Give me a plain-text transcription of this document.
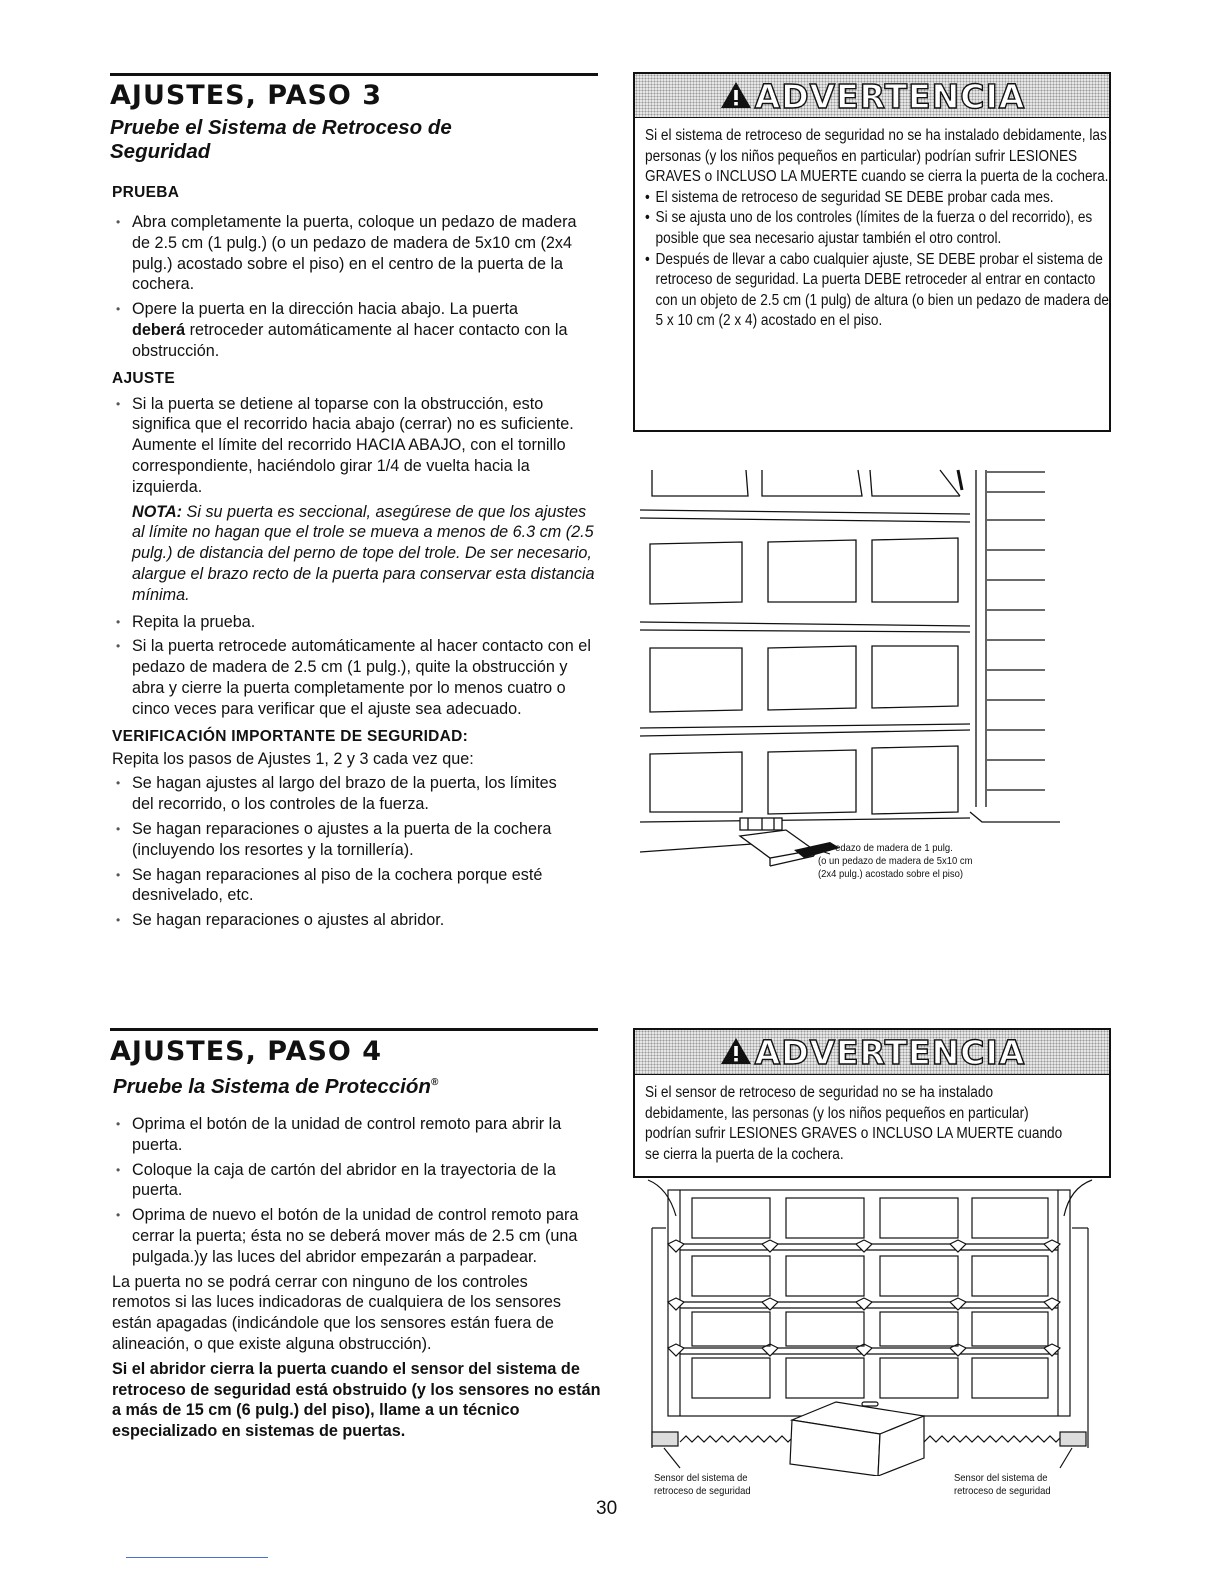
AJUSTES, PASO 3
Pruebe el Sistema de Retroceso de
Seguridad
PRUEBA
• Abra completamente la puerta, coloque un pedazo de madera de 2.5 cm (1 pulg.) (o un pedazo de madera de 5x10 cm (2x4 pulg.) acostado sobre el piso) en el centro de la puerta de la cochera.
• Opere la puerta en la dirección hacia abajo. La puerta deberá retroceder automáticamente al hacer contacto con la obstrucción.
AJUSTE
• Si la puerta se detiene al toparse con la obstrucción, esto significa que el recorrido hacia abajo (cerrar) no es suficiente. Aumente el límite del recorrido HACIA ABAJO, con el tornillo correspondiente, haciéndolo girar 1/4 de vuelta hacia la izquierda.
NOTA: Si su puerta es seccional, asegúrese de que los ajustes al límite no hagan que el trole se mueva a menos de 6.3 cm (2.5 pulg.) de distancia del perno de tope del trole. De ser necesario, alargue el brazo recto de la puerta para conservar esta distancia mínima.
• Repita la prueba.
• Si la puerta retrocede automáticamente al hacer contacto con el pedazo de madera de 2.5 cm (1 pulg.), quite la obstrucción y abra y cierre la puerta completamente por lo menos cuatro o cinco veces para verificar que el ajuste sea adecuado.
VERIFICACIÓN IMPORTANTE DE SEGURIDAD:

Repita los pasos de Ajustes 1, 2 y 3 cada vez que:

• Se hagan ajustes al largo del brazo de la puerta, los límites del recorrido, o los controles de la fuerza.
• Se hagan reparaciones o ajustes a la puerta de la cochera (incluyendo los resortes y la tornillería).
• Se hagan reparaciones al piso de la cochera porque esté desnivelado, etc.
• Se hagan reparaciones o ajustes al abridor.
ADVERTENCIA

Si el sistema de retroceso de seguridad no se ha instalado debidamente, las personas (y los niños pequeños en particular) podrían sufrir LESIONES GRAVES o INCLUSO LA MUERTE cuando se cierra la puerta de la cochera.

• El sistema de retroceso de seguridad SE DEBE probar cada mes.
• Si se ajusta uno de los controles (límites de la fuerza o del recorrido), es posible que sea necesario ajustar también el otro control.
• Después de llevar a cabo cualquier ajuste, SE DEBE probar el sistema de retroceso de seguridad. La puerta DEBE retroceder al entrar en contacto con un objeto de 2.5 cm (1 pulg) de altura (o bien un pedazo de madera de 5 x 10 cm (2 x 4) acostado en el piso.
Pedazo de madera de 1 pulg.
(o un pedazo de madera de 5x10 cm
(2x4 pulg.) acostado sobre el piso)
AJUSTES, PASO 4
Pruebe la Sistema de Protección®
• Oprima el botón de la unidad de control remoto para abrir la puerta.
• Coloque la caja de cartón del abridor en la trayectoria de la puerta.
• Oprima de nuevo el botón de la unidad de control remoto para cerrar la puerta; ésta no se deberá mover más de 2.5 cm (una pulgada.)y las luces del abridor empezarán a parpadear.

La puerta no se podrá cerrar con ninguno de los controles remotos si las luces indicadoras de cualquiera de los sensores están apagadas (indicándole que los sensores están fuera de alineación, o que existe alguna obstrucción).

Si el abridor cierra la puerta cuando el sensor del sistema de retroceso de seguridad está obstruido (y los sensores no están a más de 15 cm (6 pulg.) del piso), llame a un técnico especializado en sistemas de puertas.

ADVERTENCIA

Si el sensor de retroceso de seguridad no se ha instalado debidamente, las personas (y los niños pequeños en particular) podrían sufrir LESIONES GRAVES o INCLUSO LA MUERTE cuando se cierra la puerta de la cochera.

Sensor del sistema de
retroceso de seguridad
Sensor del sistema de
retroceso de seguridad
30
